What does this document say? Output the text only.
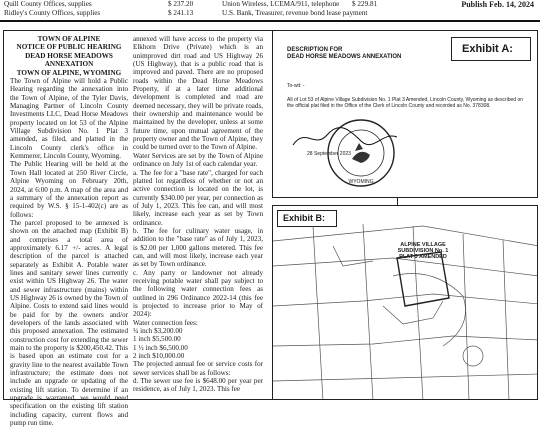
Quill County Offices, supplies
Ridley's County Offices, supplies
$ 237.20
$ 241.13
Union Wireless, LCEMA/911, telephone
U.S. Bank, Treasurer, revenue bond lease payment
$ 229.81	Publish Feb. 14, 2024
TOWN OF ALPINE
NOTICE OF PUBLIC HEARING
DEAD HORSE MEADOWS
ANNEXATION
TOWN OF ALPINE, WYOMING
The Town of Alpine will hold a Public Hearing regarding the annexation into the Town of Alpine, of the Tyler Davis, Managing Partner of Lincoln County Investments LLC, Dead Horse Meadows property located on lot 53 of the Alpine Village Subdivision No. 1 Plat 3 amended, as filed, and platted in the Lincoln County clerk's office in Kemmerer, Lincoln County, Wyoming.
The Public Hearing will be held at the Town Hall located at 250 River Circle, Alpine Wyoming on February 20th, 2024, at 6:00 p.m. A map of the area and a summary of the annexation report as required by W.S. § 15-1-402(c) are as follows:
The parcel proposed to be annexed is shown on the attached map (Exhibit B) and comprises a total area of approximately 6.17 +/- acres. A legal description of the parcel is attached separately as Exhibit A. Potable water lines and sanitary sewer lines currently exist within US Highway 26. The water and sewer infrastructure (mains) within US Highway 26 is owned by the Town of Alpine. Costs to extend said lines would be paid for by the owners and/or developers of the lands associated with this proposed annexation. The estimated construction cost for extending the sewer main to the property is $200,450.42. This is based upon an estimate cost for a gravity line to the nearest available Town infrastructure; the estimate does not include an upgrade or updating of the existing lift station. To determine if an upgrade is warranted, we would need specification on the existing lift station including capacity, current flows and pump run time.
annexed will have access to the property via Elkhorn Drive (Private) which is an unimproved dirt road and US Highway 26 (US Highway), that is a public road that is improved and paved. There are no proposed roads within the Dead Horse Meadows Property, if at a later time additional development is completed and road are deemed necessary, they will be private roads, their ownership and maintenance would be maintained by the developer, unless at some future time, upon mutual agreement of the property owner and the Town of Alpine, they could be turned over to the Town of Alpine.
Water Services are set by the Town of Alpine ordinance on July 1st of each calendar year.
a. The fee for a "base rate", charged for each platted lot regardless of whether or not an active connection is located on the lot, is currently $340.00 per year, per connection as of July 1, 2023. This fee can, and will most likely, increase each year as set by Town ordinance.
b. The fee for culinary water usage, in addition to the "base rate" as of July 1, 2023, is $2.00 per 1,000 gallons metered. This fee can, and will most likely, increase each year as set by Town ordinance.
c. Any party or landowner not already receiving potable water shall pay subject to the following water connection fees as outlined in 296 Ordinance 2022-14 (this fee is projected to increase prior to May of 2024):
Water connection fees:
¾ inch $3,200.00
1 inch $5,500.00
1 ½ inch $6,500.00
2 inch $10,000.00
The projected annual fee or service costs for sewer services shall be as follows:
d. The sewer use fee is $648.00 per year per residence, as of July 1, 2023. This fee
DESCRIPTION FOR
DEAD HORSE MEADOWS ANNEXATION
Exhibit A:
To-wit: -
All of Lot 53 of Alpine Village Subdivision No. 1 Plat 3 Amended, Lincoln County, Wyoming as described on the official plat filed in the Office of the Clerk of Lincoln County and recorded as No. 378308.
WYOMING
28 September 2023
Exhibit B:
ALPINE VILLAGE
SUBDIVISION No. 1
PLAT 3 AMENDED
